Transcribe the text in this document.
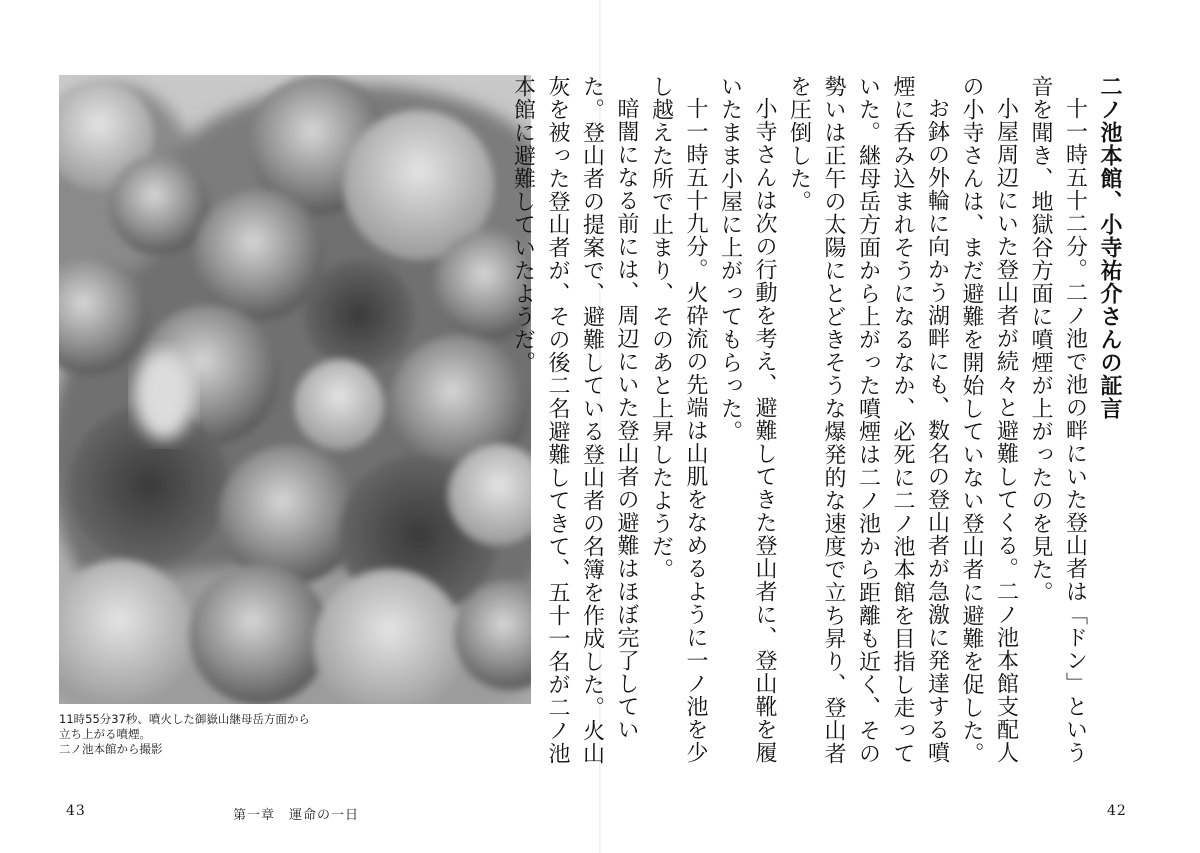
11時55分37秒、噴火した御嶽山継母岳方面から
立ち上がる噴煙。
二ノ池本館から撮影
43	第一章 運命の一日
二ノ池本館、小寺祐介さんの証言
十一時五十二分。二ノ池で池の畔にいた登山者は「ドン」という音を聞き、地獄谷方面に噴煙が上がったのを見た。
小屋周辺にいた登山者が続々と避難してくる。二ノ池本館支配人の小寺さんは、まだ避難を開始していない登山者に避難を促した。
お鉢の外輪に向かう湖畔にも、数名の登山者が急激に発達する噴煙に呑み込まれそうになるなか、必死に二ノ池本館を目指し走っていた。継母岳方面から上がった噴煙は二ノ池から距離も近く、その勢いは正午の太陽にとどきそうな爆発的な速度で立ち昇り、登山者を圧倒した。
小寺さんは次の行動を考え、避難してきた登山者に、登山靴を履いたまま小屋に上がってもらった。
十一時五十九分。火砕流の先端は山肌をなめるように一ノ池を少し越えた所で止まり、そのあと上昇したようだ。
暗闇になる前には、周辺にいた登山者の避難はほぼ完了していた。登山者の提案で、避難している登山者の名簿を作成した。火山灰を被った登山者が、その後二名避難してきて、五十一名が二ノ池本館に避難していたようだ。
42
